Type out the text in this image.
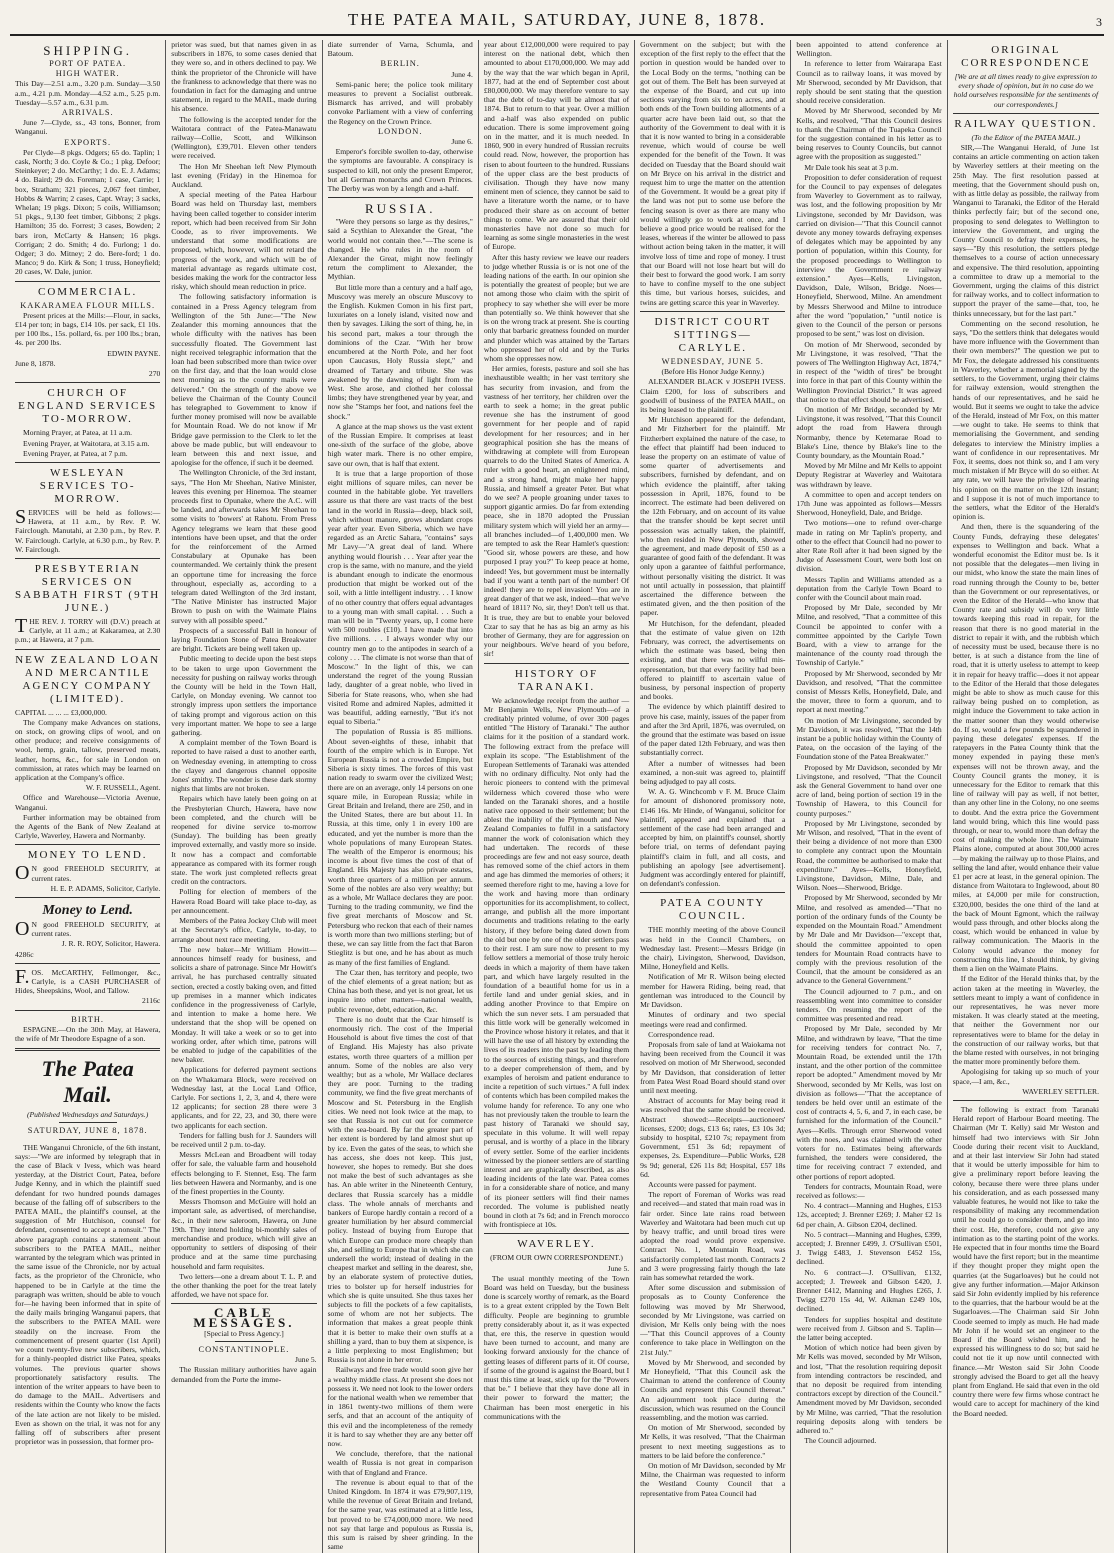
THE PATEA MAIL, SATURDAY, JUNE 8, 1878.	3

SHIPPING.

PORT OF PATEA.

HIGH WATER.

This Day—2.51 a.m., 3.20 p.m. Sunday—3.50 a.m., 4.21 p.m. Monday—4.52 a.m., 5.25 p.m. Tuesday—5.57 a.m., 6.31 p.m.

ARRIVALS.

June 7—Clyde, ss., 43 tons, Bonner, from Wanganui.

EXPORTS.

Per Clyde—8 pkgs. Odgers; 65 do. Taplin; 1 cask, North; 3 do. Coyle & Co.; 1 pkg. Defoor; Steinkeyer; 2 do. McCarthy; 1 do. E. J. Adams; 4 do. Baird; 29 do. Foreman; 1 case, Carrie; 1 box, Stratham; 321 pieces, 2,067 feet timber, Hobbs & Warrin; 2 cases, Capt. Wray; 3 sacks, Whelan; 19 pkgs. Dixon; 5 coils, Williamson; 51 pkgs., 9,130 feet timber, Gibbons; 2 pkgs. Hamilton; 35 do. Forrest; 3 cases, Bowden; 2 bars iron, McCarty & Hansen; 16 pkgs. Corrigan; 2 do. Smith; 4 do. Furlong; 1 do. Odger; 3 do. Mitney; 2 do. Bere-ford; 1 do. Manco; 9 do. Kirk & Son; 1 truss, Honeyfield; 20 cases, W. Dale, junior.

COMMERCIAL.

KAKARAMEA FLOUR MILLS.

Present prices at the Mills:—Flour, in sacks, £14 per ton; in bags, £14 10s. per sack, £1 10s. per 100 lbs., 15s. pollard, 6s. per 100 lbs.; bran, 4s. per 200 lbs.

EDWIN PAYNE.

June 8, 1878.

270

CHURCH OF ENGLAND SERVICES TO-MORROW.

Morning Prayer, at Patea, at 11 a.m.

Evening Prayer, at Waitotara, at 3.15 a.m.

Evening Prayer, at Patea, at 7 p.m.

WESLEYAN SERVICES TO-MORROW.

SERVICES will be held as follows:— Hawera, at 11 a.m., by Rev. P. W. Fairclough. Manutahi, at 2.30 p.m., by Rev. P. W. Fairclough. Carlyle, at 6.30 p.m., by Rev. P. W. Fairclough.

PRESBYTERIAN SERVICES ON SABBATH FIRST (9TH JUNE.)

THE REV. J. TORRY will (D.V.) preach at Carlyle, at 11 a.m.; at Kakaramea, at 2.30 p.m.; at Hawera, at 7 p.m.

NEW ZEALAND LOAN AND MERCANTILE AGENCY COMPANY (LIMITED).

CAPITAL ... ... ... £3,000,000.

The Company make Advances on stations, on stock, on growing clips of wool, and on other produce; and receive consignments of wool, hemp, grain, tallow, preserved meats, leather, horns, &c., for sale in London on commission, at rates which may be learned on application at the Company's office.

W. F. RUSSELL, Agent.

Office and Warehouse—Victoria Avenue, Wanganui.

Further information may be obtained from the Agents of the Bank of New Zealand at Carlyle, Waverley, Hawera and Normanby.

MONEY TO LEND.

ON good FREEHOLD SECURITY, at current rates.

H. E. P. ADAMS, Solicitor, Carlyle.

Money to Lend.

ON good FREEHOLD SECURITY, at current rates.

J. R. R. ROY, Solicitor, Hawera.

4286c

F.OS. McCARTHY, Fellmonger, &c., Carlyle, is a CASH PURCHASER of Hides, Sheepskins, Wool, and Tallow.

2116c

BIRTH.

ESPAGNE.—On the 30th May, at Hawera, the wife of Mr Theodore Espagne of a son.

The Patea Mail.

(Published Wednesdays and Saturdays.)

SATURDAY, JUNE 8, 1878.

THE Wanganui Chronicle, of the 6th instant, says:—"We are informed by telegraph that in the case of Black v Ivess, which was heard yesterday, at the District Court, Patea, before Judge Kenny, and in which the plaintiff sued defendant for two hundred pounds damages because of the falling off of subscribers to the PATEA MAIL, the plaintiff's counsel, at the suggestion of Mr Hutchison, counsel for defendant, consented to accept a nonsuit." The above paragraph contains a statement about subscribers to the PATEA MAIL, neither warranted by the telegram which was printed in the same issue of the Chronicle, nor by actual facts, as the proprietor of the Chronicle, who happened to be in Carlyle at the time the paragraph was written, should be able to vouch for—he having been informed that in spite of the daily mails bringing Wanganui papers, that the subscribers to the PATEA MAIL were steadily on the increase. From the commencement of present quarter (1st April) we count twenty-five new subscribers, which, for a thinly-peopled district like Patea, speaks volumes. The previous quarter shows proportionately satisfactory results. The intention of the writer appears to have been to do damage to the MAIL. Advertisers and residents within the County who know the facts of the late action are not likely to be misled. Even as shown on the trial, it was not for any falling off of subscribers after present proprietor was in possession, that former pro-

prietor was sued, but that names given in as subscribers in 1876, to some cases denied that they were so, and in others declined to pay. We think the proprietor of the Chronicle will have the frankness to acknowledge that there was no foundation in fact for the damaging and untrue statement, in regard to the MAIL, made during his absence.

The following is the accepted tender for the Waitotara contract of the Patea-Manawatu railway—Collie, Scott, and Wilkinson (Wellington), £39,701. Eleven other tenders were received.

The Hon Mr Sheehan left New Plymouth last evening (Friday) in the Hinemoa for Auckland.

A special meeting of the Patea Harbour Board was held on Thursday last, members having been called together to consider interim report, which had been received from Sir John Coode, as to river improvements. We understand that some modifications are proposed, which, however, will not retard the progress of the work, and which will be of material advantage as regards ultimate cost, besides making the work for the contractor less risky, which should mean reduction in price.

The following satisfactory information is contained in a Press Agency telegram from Wellington of the 5th June:—"The New Zealander this morning announces that the whole difficulty with the natives has been successfully floated. The Government last night received telegraphic information that the loan had been subscribed more than twice over on the first day, and that the loan would close next morning as to the country mails were delivered." On the strength of the above we believe the Chairman of the County Council has telegraphed to Government to know if further money promised will now be available for Mountain Road. We do not know if Mr Bridge gave permission to the Clerk to let the above be made public, but will endeavour to learn between this and next issue, and apologise for the offence, if such it be deemed.

The Wellington Chronicle, of the 3rd instant, says, "The Hon Mr Sheehan, Native Minister, leaves this evening per Hinemoa. The steamer proceeds first to Opunake, where the A.C. will be landed, and afterwards takes Mr Sheehan to some visits to 'bowers' at Rahotu. From Press Agency telegrams we learn that these good intentions have been upset, and that the order for the reinforcement of the Armed Constabulary at Opunake has been countermanded. We certainly think the present an opportune time for increasing the force throughout, especially as, according to a telegram dated Wellington of the 3rd instant, "The Native Minister has instructed Major Brown to push on with the Waimate Plains survey with all possible speed."

Prospects of a successful Ball in honour of laying Foundation Stone of Patea Breakwater are bright. Tickets are being well taken up.

Public meeting to decide upon the best steps to be taken to urge upon Government the necessity for pushing on railway works through the County will be held in the Town Hall, Carlyle, on Monday evening. We cannot too strongly impress upon settlers the importance of taking prompt and vigorous action on this very important matter. We hope to see a large gathering.

A complaint member of the Town Board is reported to have raised a dust to another earth, on Wednesday evening, in attempting to cross the clayey and dangerous channel opposite Jones' smithy. The wonder is these dark stormy nights that limbs are not broken.

Repairs which have lately been going on at the Presbyterian Church, Hawera, have now been completed, and the church will be reopened for divine service to-morrow (Sunday). The building has been greatly improved externally, and vastly more so inside. It now has a compact and comfortable appearance as compared with its former rough state. The work just completed reflects great credit on the contractors.

Polling for election of members of the Hawera Road Board will take place to-day, as per announcement.

Members of the Patea Jockey Club will meet at the Secretary's office, Carlyle, to-day, to arrange about next race meeting.

The new baker—Mr William Howitt—announces himself ready for business, and solicits a share of patronage. Since Mr Howitt's arrival, he has purchased centrally situated section, erected a costly baking oven, and fitted up premises in a manner which indicates confidence in the progressiveness of Carlyle, and intention to make a home here. We understand that the shop will be opened on Monday. It will take a week or so to get into working order, after which time, patrons will be enabled to judge of the capabilities of the new baker.

Applications for deferred payment sections on the Whakamara Block, were received on Wednesday last, at the Local Land Office, Carlyle. For sections 1, 2, 3, and 4, there were 12 applicants; for section 28 there were 3 applicants, and for 22, 23, and 30, there were two applicants for each section.

Tenders for falling bush for J. Saunders will be received until 2 p.m. to-day.

Messrs McLean and Broadbent will today offer for sale, the valuable farm and household effects belonging to F. Stennet, Esq. The farm lies between Hawera and Normanby, and is one of the finest properties in the County.

Messrs Thomson and McGuire will hold an important sale, as advertised, of merchandise, &c., in their new saleroom, Hawera, on June 19th. They intend holding bi-monthly sales of merchandise and produce, which will give an opportunity to settlers of disposing of their produce and at the same time purchasing household and farm requisites.

Two letters—one a dream about T. L. P. and the other thanking the poet for the treat lately afforded, we have not space for.

CABLE MESSAGES.

[Special to Press Agency.]

CONSTANTINOPLE.

June 5.

The Russian military authorities have again demanded from the Porte the imme-

diate surrender of Varna, Schumla, and Batoum.

BERLIN.

June 4.

Semi-panic here; the police took military measures to prevent a Socialist outbreak. Bismarck has arrived, and will probably convoke Parliament with a view of conferring the Regency on the Crown Prince.

LONDON.

June 6.

Emperor's forcible swollen to-day, otherwise the symptoms are favourable. A conspiracy is suspected to kill, not only the present Emperor, but all German monarchs and Crown Princes. The Derby was won by a length and a-half.

RUSSIA.

"Were they persons so large as thy desires," said a Scythian to Alexander the Great, "the world would not contain thee."—The scene is changed. He who rules in the room of Alexander the Great, might now feelingly return the compliment to Alexander, the Mythian.

But little more than a century and a half ago, Muscovy was merely an obscure Muscovy to the English. Kukmen Comon in his first part, luxuriates on a lonely island, visited now and then by savages. Liking the sort of thing, he, in his second part, makes a tour through the dominions of the Czar. "With her brow encumbered at the North Pole, and her foot upon Caucasus, Holy Russia slept," and dreamed of Tartary and tribute. She was awakened by the dawning of light from the West. She arose, and clothed her colossal limbs; they have strengthened year by year, and now she "Stamps her foot, and nations feel the shock."

A glance at the map shows us the vast extent of the Russian Empire. It comprises at least one-sixth of the surface of the globe, above high water mark. There is no other empire, save our own, that is half that extent.

It is true that a large proportion of those eight millions of square miles, can never be counted in the habitable globe. Yet travellers assure us that there are vast tracts of the best land in the world in Russia—deep, black soil, which without manure, grows abundant crops year after year. Even Siberia, which we have regarded as an Arctic Sahara, "contains" says Mr Lavy—"A great deal of land. Where anything would flourish . . . Year after year the crop is the same, with no manure, and the yield is abundant enough to indicate the enormous production that might be worked out of the soil, with a little intelligent industry. . . I know of no other country that offers equal advantages to a young man with small capital. . . Such a man will be in "Twenty years, up, I come here with 500 roubles (£10). I have made that into five millions. . . I always wonder why our country men go to the antipodes in search of a colony . . . The climate is not worse than that of Moscow." In the light of this, we can understand the regret of the young Russian lady, daughter of a great noble, who lived in Siberia for State reasons, who, when she had visited Rome and admired Naples, admitted it was beautiful, adding earnestly, "But it's not equal to Siberia."

The population of Russia is 85 millions. About seven-eighths of these, inhabit that fourth of the empire which is in Europe. Yet European Russia is not a crowded Empire, but Siberia is sixty times. The forces of this vast nation ready to swarm over the civilized West; there are on an average, only 14 persons on one square mile, in European Russia; while in Great Britain and Ireland, there are 250, and in the United States, there are but about 11. In Russia, at this time, only 1 in every 100 are educated, and yet the number is more than the whole populations of many European States. The wealth of the Emperor is enormous; his income is about five times the cost of that of England. His Majesty has also private estates, worth three quarters of a million per annum. Some of the nobles are also very wealthy; but as a whole, Mr Wallace declares they are poor. Turning to the trading community, we find the five great merchants of Moscow and St. Petersburg who reckon that each of their names is worth more than two millions sterling; but of these, we can say little from the fact that Baron Stieglitz is but one, and he has about as much as many of the first families of England.

The Czar then, has territory and people, two of the chief elements of a great nation; but as China has both these, and yet is not great, let us inquire into other matters—national wealth, public revenue, debt, education, &c.

There is no doubt that the Czar himself is enormously rich. The cost of the Imperial Household is about five times the cost of that of England. His Majesty has also private estates, worth three quarters of a million per annum. Some of the nobles are also very wealthy; but as a whole, Mr Wallace declares they are poor. Turning to the trading community, we find the five great merchants of Moscow and St. Petersburg in the English cities. We need not look twice at the map, to see that Russia is not cut out for commerce with the sea-board. By far the greater part of her extent is bordered by land almost shut up by ice. Even the gates of the seas, to which she has access, she does not keep. This just, however, she hopes to remedy. But she does not make the best of such advantages as she has. An able writer in the Nineteenth Century, declares that Russia scarcely has a middle class. The whole annals of merchants and bankers of Europe hardly contain a record of a greater humiliation by her absurd commercial policy. Instead of buying from Europe that which Europe can produce more cheaply than she, and selling to Europe that in which she can undersell the world; instead of dealing in the cheapest market and selling in the dearest, she, by an elaborate system of protective duties, tries to bolster up for herself industries for which she is quite unsuited. She thus taxes her subjects to fill the pockets of a few capitalists, some of whom are not her subjects. The information that makes a great people think that it is better to make their own stuffs at a shilling a yard, than to buy them at sixpence, is a little perplexing to most Englishmen; but Russia is not alone in her error.

Railways and free trade would soon give her a wealthy middle class. At present she does not possess it. We need not look to the lower orders for the national wealth when we remember that in 1861 twenty-two millions of them were serfs, and that an account of the antiquity of this evil and the incompleteness of the remedy it is hard to say whether they are any better off now.

We conclude, therefore, that the national wealth of Russia is not great in comparison with that of England and France.

The revenue is about equal to that of the United Kingdom. In 1874 it was £79,907,119, while the revenue of Great Britain and Ireland, for the same year, was estimated at a little less, but proved to be £74,000,000 more. We need not say that large and populous as Russia is, this sum is raised by sheer grinding. In the same

year about £12,000,000 were required to pay interest on the national debt, which then amounted to about £170,000,000. We may add by the way that the war which began in April, 1877, had at the end of September cost about £80,000,000. We may therefore venture to say that the debt of to-day will be almost that of 1874. But to return to that year. Over a million and a-half was also expended on public education. There is some improvement going on in the matter, and it is much needed. In 1860, 900 in every hundred of Russian recruits could read. Now, however, the proportion has risen to about fourteen to the hundred. Russians of the upper class are the best products of civilisation. Though they have now many eminent men of science, they cannot be said to have a literature worth the name, or to have produced their share as on account of better things to come. We are assured that their old monasteries have not done so much for learning as some single monasteries in the west of Europe.

After this hasty review we leave our readers to judge whether Russia is or is not one of the leading nations of the earth. In our opinion she is potentially the greatest of people; but we are not among those who claim with the spirit of prophecy to say whether she will ever be more than potentially so. We think however that she is on the wrong track at present. She is courting only that barbaric greatness founded on murder and plunder which was attained by the Tartars who oppressed her of old and by the Turks whom she oppresses now.

Her armies, forests, pasture and soil she has inexhaustible wealth; in her vast territory she has security from invasion, and from the vastness of her territory, her children over the earth to seek a home; in the great public revenue she has the instrument of good government for her people and of rapid development for her resources; and in her geographical position she has the means of withdrawing at complete will from European quarrels to do the United States of America. A ruler with a good heart, an enlightened mind, and a strong hand, might make her happy Russia, and himself a greater Peter. But what do we see? A people groaning under taxes to support gigantic armies. Do far from extending peace, she in 1870 adopted the Prussian military system which will yield her an army—all branches included—of 1,400,000 men. We are tempted to ask the Rear Hamlet's question: "Good sir, whose powers are these, and how purposed I pray you?" To keep peace at home, indeed! Yes, but government must be internally bad if you want a tenth part of the number! Of indeed! they are to repel invasion! You are in great danger of that we ask, indeed—that we've heard of 1811? No, sir, they! Don't tell us that. It is true, they are but to enable your beloved Czar to say that he has as big an army as his brother of Germany, they are for aggression on your neighbours. We've heard of you before, sir!

HISTORY OF TARANAKI.

We acknowledge receipt from the author —Mr Benjamin Wells, New Plymouth—of a creditably printed volume, of over 300 pages entitled "The History of Taranaki." The author claims for it the position of a standard work. The following extract from the preface will explain its scope. "The Establishment of the European Settlements of Taranaki was attended with no ordinary difficulty. Not only had the heroic pioneers to contend with the primeval wilderness which covered those who were landed on the Taranaki shores, and a hostile native race opposed to their settlement; but the ablest the inability of the Plymouth and New Zealand Companies to fulfil in a satisfactory manner the work of colonisation which they had undertaken. The records of these proceedings are few and not easy source, death has removed some of the chief actors in them and age has dimmed the memories of others; it seemed therefore right to me, having a love for the work and having more than ordinary opportunities for its accomplishment, to collect, arrange, and publish all the more important documents and traditions relating to the early history, if they before being dated down from the old but one by one of the older settlers pass to their rest. I am sure now to present to my fellow settlers a memorial of those truly heroic deeds in which a majority of them have taken part, and which have largely resulted in the foundation of a beautiful home for us in a fertile land and under genial skies, and in adding another Province to that Empire on which the sun never sets. I am persuaded that this little work will be generally welcomed in the Province whose history it relates, and that it will have the use of all history by extending the lives of its readers into the past by leading them to the sources of existing things, and therefore to a deeper comprehension of them, and by examples of heroism and patient endurance to incite a repetition of such virtues." A full index of contents which has been compiled makes the volume handy for reference. To any one who has not previously taken the trouble to learn the past history of Taranaki we should say, speculate in this volume. It will well repay perusal, and is worthy of a place in the library of every settler. Some of the earlier incidents witnessed by the pioneer settlers are of startling interest and are graphically described, as also leading incidents of the late war. Patea comes in for a considerable share of notice, and many of its pioneer settlers will find their names recorded. The volume is published neatly bound in cloth at 7s 6d; and in French morocco with frontispiece at 10s.

WAVERLEY.

(FROM OUR OWN CORRESPONDENT.)

June 5.

The usual monthly meeting of the Town Board was held on Tuesday, but the business done is scarcely worthy of remark, as the Board is to a great extent crippled by the Town Belt difficulty. People are beginning to grumble pretty considerably about it, as it was expected that, ere this, the reserve in question would have been turned to account, and many are looking forward anxiously for the chance of getting leases of different parts of it. Of course, if some of the ground is against the Board, but I must this time at least, stick up for the "Powers that be." I believe that they have done all in their power to forward the matter; the Chairman has been most energetic in his communications with the

Government on the subject; but with the exception of the first reply to the effect that the portion in question would be handed over to the Local Body on the terms, "nothing can be got out of them. The Belt has been surveyed at the expense of the Board, and cut up into sections varying from six to ten acres, and at both ends of the Town building allotments of a quarter acre have been laid out, so that the authority of the Government to deal with it is that it is now wanted to bring in a considerable revenue, which would of course be well expended for the benefit of the Town. It was decided on Tuesday that the Board should wait on Mr Bryce on his arrival in the district and request him to urge the matter on the attention of the Government. It would be a great pity if the land was not put to some use before the fencing season is over as there are many who would willingly go to work at once, and I believe a good price would be realised for the leases, whereas if the winter be allowed to pass without action being taken in the matter, it will involve loss of time and rope of money. I trust that our Board will not lose heart but will do their best to forward the good work. I am sorry to have to confine myself to the one subject this time, but various horses, suicides, and twins are getting scarce this year in Waverley.

DISTRICT COURT SITTINGS— CARLYLE.

WEDNESDAY, JUNE 5.

(Before His Honor Judge Kenny.)

ALEXANDER BLACK v JOSEPH IVESS. Claim £200, for loss of subscribers and goodwill of business of the PATEA MAIL, on its being leased to the plaintiff.

Mr Hutchison appeared for the defendant, and Mr Fitzherbert for the plaintiff. Mr Fitzherbert explained the nature of the case, to the effect that plaintiff had been induced to lease the property on an estimate of value of some quarter of advertisements and subscribers, furnished by defendant, and on which evidence the plaintiff, after taking possession in April, 1876, found to be incorrect. The estimate had been delivered on the 12th February, and on account of its value that the transfer should be kept secret until possession was actually taken, the plaintiff, who then resided in New Plymouth, showed the agreement, and made deposit of £50 as a guarantee of good faith of the defendant. It was only upon a garantee of faithful performance, without personally visiting the district. It was not until actually in possession, that plaintiff ascertained the difference between the estimated given, and the then position of the paper.

Mr Hutchison, for the defendant, pleaded that the estimate of value given on 12th February, was correct, the advertisements on which the estimate was based, being then existing, and that there was no wilful mis-representation, but that every facility had been offered to plaintiff to ascertain value of business, by personal inspection of property and books.

The evidence by which plaintiff desired to prove his case, mainly, issues of the paper from and after the 3rd April, 1876, was overruled, on the ground that the estimate was based on issue of the paper dated 12th February, and was then substantially correct.

After a number of witnesses had been examined, a non-suit was agreed to, plaintiff being adjudged to pay all costs.

W. A. G. Winchcomb v F. M. Bruce Claim for amount of dishonored promissory note, £146 16s. Mr Hinde, of Wanganui, solicitor for plaintiff, appeared and explained that a settlement of the case had been arranged and accepted by him, on plaintiff's counsel, shortly before trial, on terms of defendant paying plaintiff's claim in full, and all costs, and publishing an apology [see advertisement]. Judgment was accordingly entered for plaintiff, on defendant's confession.

PATEA COUNTY COUNCIL.

THE monthly meeting of the above Council was held in the Council Chambers, on Wednesday last. Present:—Messrs Bridge (in the chair), Livingston, Sherwood, Davidson, Milne, Honeyfield and Kells.

Notification of Mr R. Wilson being elected member for Hawera Riding, being read, that gentleman was introduced to the Council by Mr Davidson.

Minutes of ordinary and two special meetings were read and confirmed.

Correspondence read.

Proposals from sale of land at Waiokama not having been received from the Council it was resolved on motion of Mr Sherwood, seconded by Mr Davidson, that consideration of letter from Patea West Road Board should stand over until next meeting.

Abstract of accounts for May being read it was resolved that the same should be received. Abstract showed:—Receipts—auctioneers' licenses, £200; dogs, £13 6s; rates, £3 10s 3d; subsidy to hospital, £210 7s; repayment from Government, £51 3s 6d; repayment of expenses, 2s. Expenditure—Public Works, £28 9s 9d; general, £26 11s 8d; Hospital, £57 18s 6d.

Accounts were passed for payment.

The report of Foreman of Works was read and received—and stated that main road was in fair order. Since late rains road between Waverley and Waitotara had been much cut up by heavy traffic, and until broad tires were adopted the road would prove expensive. Contract No. 1, Mountain Road, was satisfactorily completed last month. Contracts 2 and 3 were progressing fairly though the late rain has somewhat retarded the work.

After some discussion and submission of proposals as to County Conference the following was moved by Mr Sherwood, seconded by Mr Livingstone, was carried on division, Mr Kells only being with the noes—"That this Council approves of a County conference to take place in Wellington on the 21st July."

Moved by Mr Sherwood, and seconded by Mr Honeyfield, "That this Council ask the Chairman to attend the conference of County Councils and represent this Council thereat." An adjournment took place during the discussion, which was resumed on the Council reassembling, and the motion was carried.

On motion of Mr Sherwood, seconded by Mr Kells, it was resolved, "That the Chairman present to next meeting suggestions as to matters to be laid before the conference."

On motion of Mr Davidson, seconded by Mr Milne, the Chairman was requested to inform the Westland County Council that a representative from Patea Council had

been appointed to attend conference at Wellington.

In reference to letter from Wairarapa East Council as to railway loans, it was moved by Mr Sherwood, seconded by Mr Davidson, that reply should be sent stating that the question should receive consideration.

Moved by Mr Sherwood, seconded by Mr Kells, and resolved, "That this Council desires to thank the Chairman of the Tuapeka Council for the suggestion contained in his letter as to being reserves to County Councils, but cannot agree with the proposition as suggested."

Mr Dale took his seat at 3 p.m.

Proposition to defer consideration of request for the Council to pay expenses of delegates from Waverley to Government as to railway, was lost, and the following proposition by Mr Livingstone, seconded by Mr Davidson, was carried on division—"That this Council cannot devote any money towards defraying expenses of delegates which may be appointed by any portion of population, within this County, for the proposed proceedings to Wellington to interview the Government re railway extension." Ayes—Kells, Livingston, Davidson, Dale, Wilson, Bridge. Noes—Honeyfield, Sherwood, Milne. An amendment by Messrs Sherwood and Milne to introduce after the word "population," "until notice is given to the Council of the person or persons proposed to be sent," was lost on division.

On motion of Mr Sherwood, seconded by Mr Livingstone, it was resolved, "That the powers of The Wellington Highway Act, 1874," in respect of the "width of tires" be brought into force in that part of this County within the Wellington Provincial District." It was agreed that notice to that effect should be advertised.

On motion of Mr Bridge, seconded by Mr Livingstone, it was resolved, "That this Council adopt the road from Hawera through Normanby, thence by Ketemarae Road to Blake's Line, thence by Blake's line to the County boundary, as the Mountain Road."

Moved by Mr Milne and Mr Kells to appoint Deputy Registrar at Waverley and Waitotara was withdrawn by leave.

A committee to open and accept tenders on 17th June was appointed as follows—Messrs Sherwood, Honeyfield, Dale, and Bridge.

Two motions—one to refund over-charge made in rating on Mr Taplin's property, and other to the effect that Council had no power to alter Rate Roll after it had been signed by the Judge of Assessment Court, were both lost on division.

Messrs Taplin and Williams attended as a deputation from the Carlyle Town Board to confer with the Council about main road.

Proposed by Mr Dale, seconded by Mr Milne, and resolved, "That a committee of this Council be appointed to confer with a committee appointed by the Carlyle Town Board, with a view to arrange for the maintenance of the county road through the Township of Carlyle."

Proposed by Mr Sherwood, seconded by Mr Davidson, and resolved, "That the committee consist of Messrs Kells, Honeyfield, Dale, and the mover, three to form a quorum, and to report at next meeting."

On motion of Mr Livingstone, seconded by Mr Davidson, it was resolved, "That the 14th instant be a public holiday within the County of Patea, on the occasion of the laying of the Foundation stone of the Patea Breakwater."

Proposed by Mr Davidson, seconded by Mr Livingstone, and resolved, "That the Council ask the General Government to hand over one acre of land, being portion of section 19 in the Township of Hawera, to this Council for county purposes."

Proposed by Mr Livingstone, seconded by Mr Wilson, and resolved, "That in the event of their being a dividence of not more than £300 to complete any contract upon the Mountain Road, the committee be authorised to make that expenditure." Ayes—Kells, Honeyfield, Livingstone, Davidson, Milne, Dale, and Wilson. Noes—Sherwood, Bridge.

Proposed by Mr Sherwood, seconded by Mr Milne, and resolved as amended—"That no portion of the ordinary funds of the County be expended on the Mountain Road." Amendment by Mr Dale and Mr Davidson—"except that, should the committee appointed to open tenders for Mountain Road contracts have to comply with the previous resolution of the Council, that the amount be considered as an advance to the General Government."

The Council adjourned to 7 p.m., and on reassembling went into committee to consider tenders. On resuming the report of the committee was presented and read.

Proposed by Mr Dale, seconded by Mr Milne, and withdrawn by leave, "That the time for receiving tenders for contract No. 7, Mountain Road, be extended until the 17th instant, and the other portion of the committee report be adopted." Amendment moved by Mr Sherwood, seconded by Mr Kells, was lost on division as follows—"That the acceptance of tenders be held over until an estimate of the cost of contracts 4, 5, 6, and 7, in each case, be furnished for the information of the Council." Ayes—Kells. Through error Sherwood voted with the noes, and was claimed with the other voters for no. Estimates being afterwards furnished, the tenders were considered, the time for receiving contract 7 extended, and other portions of report adopted.

Tenders for contracts, Mountain Road, were received as follows:—

No. 4 contract—Manning and Hughes, £153 12s, accepted; J. Brenner £269; J. Maher £2 1s 6d per chain, A. Gibson £204, declined.

No. 5 contract—Manning and Hughes, £399, accepted; J. Brenner £499, J. O'Sullivan £501, J. Twigg £483, J. Stevenson £452 15s, declined.

No. 6 contract—J. O'Sullivan, £132, accepted; J. Treweek and Gibson £420, J. Brenner £412, Manning and Hughes £265, J. Twigg £270 15s 4d, W. Aikman £249 10s, declined.

Tenders for supplies hospital and destitute were received from J. Gibson and S. Taplin—the latter being accepted.

Motion of which notice had been given by Mr Kells was moved, seconded by Mr Wilson, and lost, "That the resolution requiring deposit from intending contractors be rescinded, and that no deposit be required from intending contractors except by direction of the Council." Amendment moved by Mr Davidson, seconded by Mr Milne, was carried, "That the resolution requiring deposits along with tenders be adhered to."

The Council adjourned.

ORIGINAL CORRESPONDENCE

[We are at all times ready to give expression to every shade of opinion, but in no case do we hold ourselves responsible for the sentiments of our correspondents.]

RAILWAY QUESTION.

(To the Editor of the PATEA MAIL.)

SIR,—The Wanganui Herald, of June 1st contains an article commenting on action taken by Waverley settlers at their meeting on the 25th May. The first resolution passed at meeting, that the Government should push on, with as little delay as possible, the railway from Wanganui to Taranaki, the Editor of the Herald thinks perfectly fair; but of the second one, proposing to send delegates to Wellington to interview the Government, and urging the County Council to defray their expenses, he says—"By this resolution, the settlers pledge themselves to a course of action unnecessary and expensive. The third resolution, appointing a committee to draw up a memorial to the Government, urging the claims of this district for railway works, and to collect information to support the prayer of the same—that, too, he thinks unnecessary, but for the last part."

Commenting on the second resolution, he says, "Do the settlers think that delegates would have more influence with the Government than their own members?" The question we put to Mr Fox, the delegate addressed his constituents in Waverley, whether a memorial signed by the settlers, to the Government, urging their claims for railway extension, would strengthen the hands of our representatives, and he said he would. But it seems we ought to take the advice of the Herald, instead of Mr Fox, on this matter—we ought to take. He seems to think that memorialising the Government, and sending delegates to interview the Ministry implies a want of confidence in our representatives. Mr Fox, it seems, does not think so, and I am very much mistaken if Mr Bryce will do so either. At any rate, we will have the privilege of hearing his opinion on the matter on the 12th instant; and I suppose it is not of much importance to the settlers, what the Editor of the Herald's opinion is.

And then, there is the squandering of the County Funds, defraying these delegates' expenses to Wellington and back. What a wonderful economist the Editor must be. Is it not possible that the delegates—men living in our midst, who know the state the main lines of road running through the County to be, better than the Government or our representatives, or even the Editor of the Herald—who know that County rate and subsidy will do very little towards keeping this road in repair, for the reason that there is no good material in the district to repair it with, and the rubbish which of necessity must be used, because there is no better, is at such a distance from the line of road, that it is utterly useless to attempt to keep it in repair for heavy traffic—does it not appear to the Editor of the Herald that those delegates might be able to show as much cause for this railway being pushed on to completion, as might induce the Government to take action in the matter sooner than they would otherwise do. If so, would a few pounds be squandered in paying these delegates' expenses. If the ratepayers in the Patea County think that the money expended in paying these men's expenses will not be thrown away, and the County Council grants the money, it is unnecessary for the Editor to remark that this line of railway will pay as well, if not better, than any other line in the Colony, no one seems to doubt. And the extra price the Government land would bring, which this line would pass through, or near to, would more than defray the cost of making the whole line. The Waimate Plains alone, computed at about 300,000 acres—by making the railway up to those Plains, and selling the land after, would enhance their value £1 per acre at least, in the general opinion. The distance from Waitotara to Inglewood, about 80 miles, at £4,000 per mile for construction, £320,000, besides the one third of the land at the back of Mount Egmont, which the railway would pass through, and other blocks along the coast, which would be enhanced in value by railway communication. The Maoris in the Colony would advance the money for constructing this line, I should think, by giving them a lien on the Waimate Plains.

If the Editor of the Herald thinks that, by the action taken at the meeting in Waverley, the settlers meant to imply a want of confidence in our representatives, he was never more mistaken. It was clearly stated at the meeting, that neither the Government nor our representatives were to blame for the delay in the construction of our railway works, but that the blame rested with ourselves, in not bringing the matter more prominently before them.

Apologising for taking up so much of your space,—I am, &c.,

WAVERLEY SETTLER.

The following is extract from Taranaki Herald report of Harbour Board meeting. The Chairman (Mr T. Kelly) said Mr Weston and himself had two interviews with Sir John Coode during their recent visit to Auckland, and at their last interview Sir John had stated that it would be utterly impossible for him to give a preliminary report before leaving the colony, because there were three plans under his consideration, and as each possessed many valuable features, he would not like to take the responsibility of making any recommendation until he could go to consider them, and go into their cost. He, therefore, could not give any intimation as to the starting point of the works. He expected that in four months time the Board would have the first report; but in the meantime if they thought proper they might open the quarries (at the Sugarloaves) but he could not give any further information.—Major Atkinson said Sir John evidently implied by his reference to the quarries, that the harbour would be at the Sugarloaves.—The Chairman said Sir John Coode seemed to imply as much. He had made Mr John if he would set an engineer to the Board if the Board wished him, and he expressed his willingness to do so; but said he could not tie it up now until connected with finance.—Mr Weston said Sir John Coode strongly advised the Board to get all the heavy plant from England. He said that even in the old country there were few firms whose contract he would care to accept for machinery of the kind the Board needed.
